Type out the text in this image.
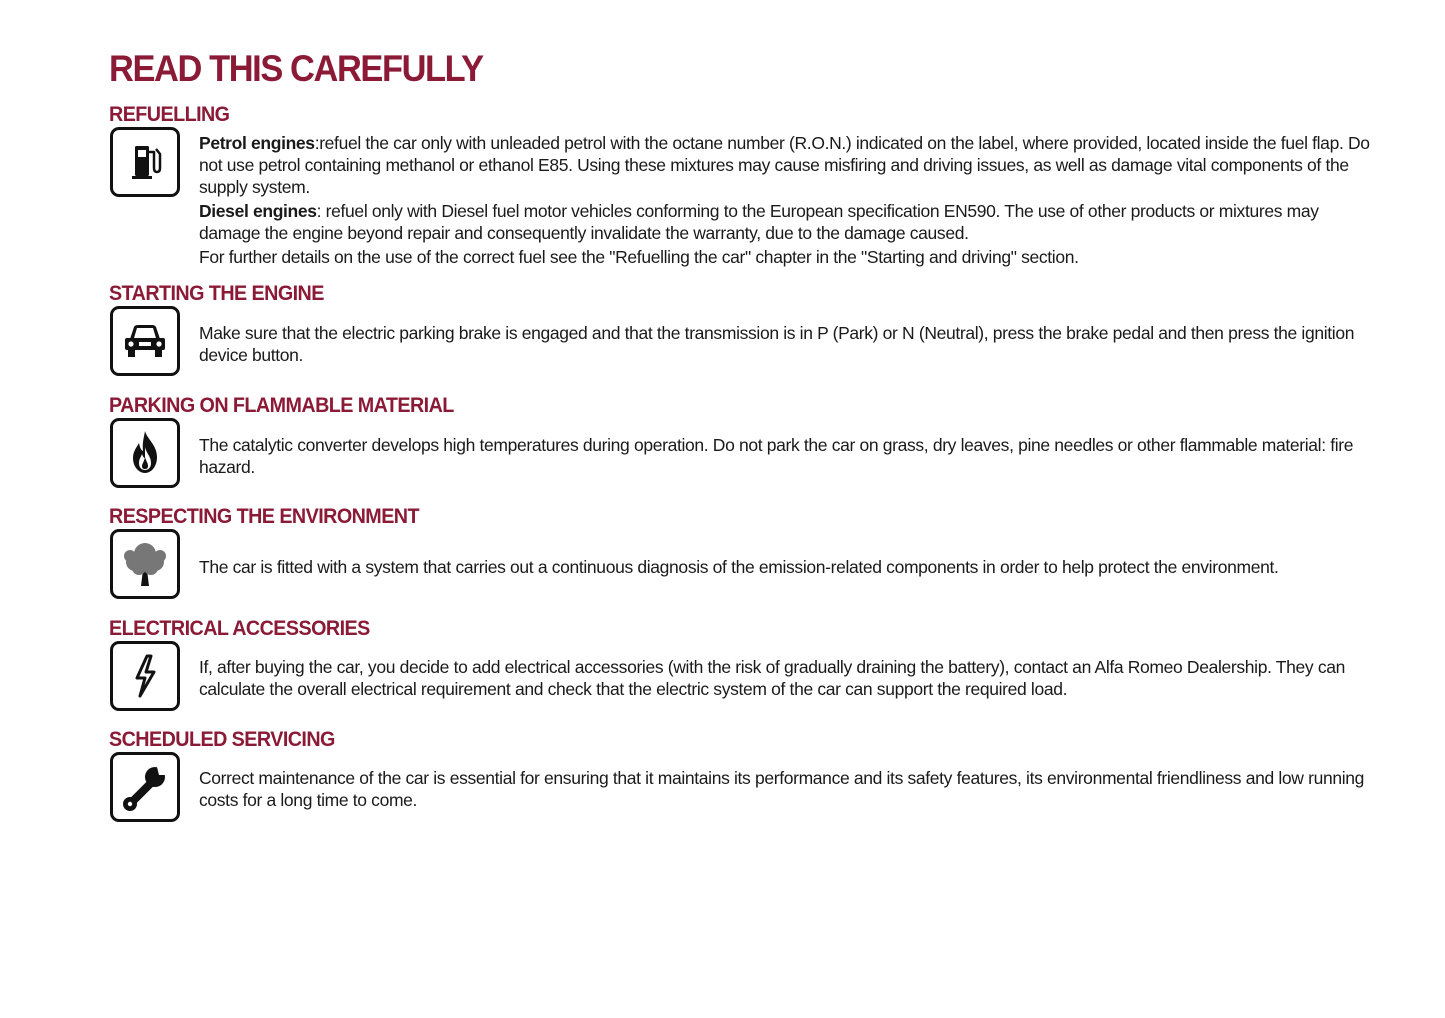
READ THIS CAREFULLY
REFUELLING

Petrol engines:refuel the car only with unleaded petrol with the octane number (R.O.N.) indicated on the label, where provided, located inside the fuel flap. Do not use petrol containing methanol or ethanol E85. Using these mixtures may cause misfiring and driving issues, as well as damage vital components of the supply system.

Diesel engines: refuel only with Diesel fuel motor vehicles conforming to the European specification EN590. The use of other products or mixtures may damage the engine beyond repair and consequently invalidate the warranty, due to the damage caused.

For further details on the use of the correct fuel see the "Refuelling the car" chapter in the "Starting and driving" section.

STARTING THE ENGINE
Make sure that the electric parking brake is engaged and that the transmission is in P (Park) or N (Neutral), press the brake pedal and then press the ignition device button.
PARKING ON FLAMMABLE MATERIAL
The catalytic converter develops high temperatures during operation. Do not park the car on grass, dry leaves, pine needles or other flammable material: fire hazard.
RESPECTING THE ENVIRONMENT
The car is fitted with a system that carries out a continuous diagnosis of the emission-related components in order to help protect the environment.
ELECTRICAL ACCESSORIES
If, after buying the car, you decide to add electrical accessories (with the risk of gradually draining the battery), contact an Alfa Romeo Dealership. They can calculate the overall electrical requirement and check that the electric system of the car can support the required load.
SCHEDULED SERVICING
Correct maintenance of the car is essential for ensuring that it maintains its performance and its safety features, its environmental friendliness and low running costs for a long time to come.
